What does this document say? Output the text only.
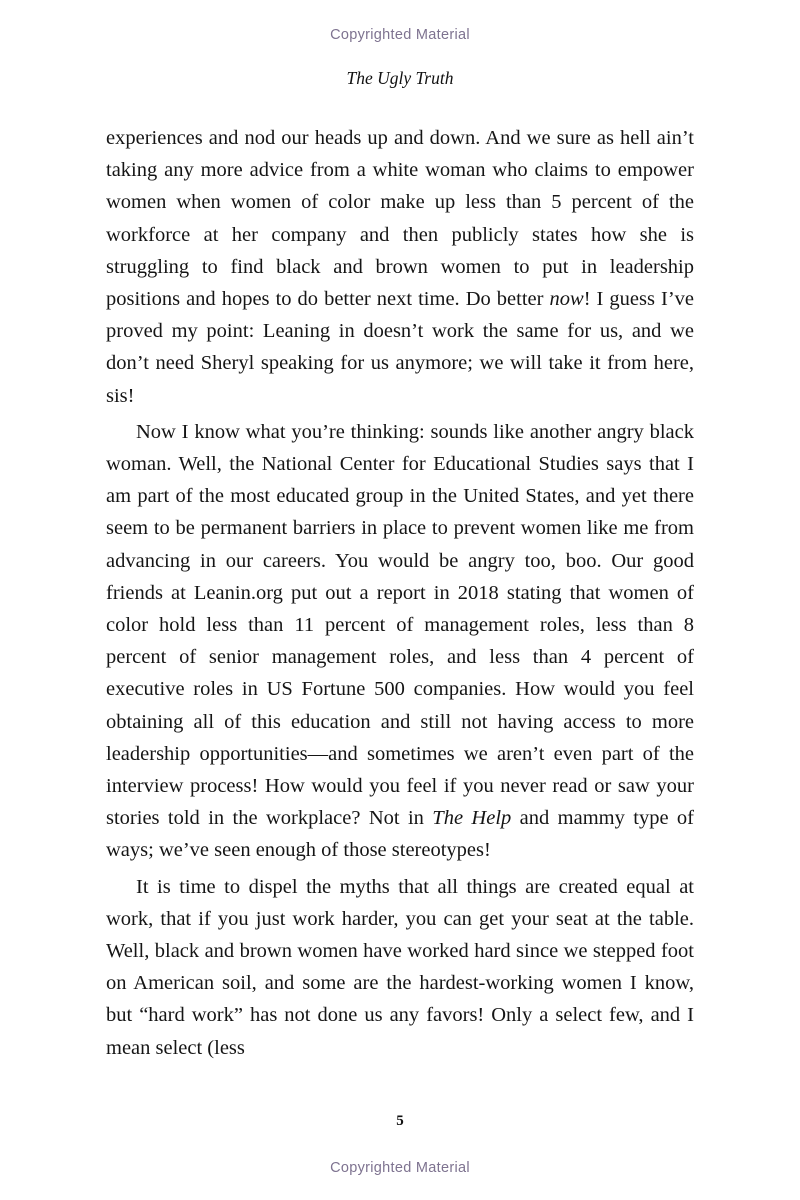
Copyrighted Material
The Ugly Truth

experiences and nod our heads up and down. And we sure as hell ain’t taking any more advice from a white woman who claims to empower women when women of color make up less than 5 percent of the workforce at her company and then publicly states how she is struggling to find black and brown women to put in leadership positions and hopes to do better next time. Do better now! I guess I’ve proved my point: Leaning in doesn’t work the same for us, and we don’t need Sheryl speaking for us anymore; we will take it from here, sis!

Now I know what you’re thinking: sounds like another angry black woman. Well, the National Center for Educational Studies says that I am part of the most educated group in the United States, and yet there seem to be permanent barriers in place to prevent women like me from advancing in our careers. You would be angry too, boo. Our good friends at Leanin.org put out a report in 2018 stating that women of color hold less than 11 percent of management roles, less than 8 percent of senior management roles, and less than 4 percent of executive roles in US Fortune 500 companies. How would you feel obtaining all of this education and still not having access to more leadership opportunities—and sometimes we aren’t even part of the interview process! How would you feel if you never read or saw your stories told in the workplace? Not in The Help and mammy type of ways; we’ve seen enough of those stereotypes!

It is time to dispel the myths that all things are created equal at work, that if you just work harder, you can get your seat at the table. Well, black and brown women have worked hard since we stepped foot on American soil, and some are the hardest-working women I know, but “hard work” has not done us any favors! Only a select few, and I mean select (less

5
Copyrighted Material
